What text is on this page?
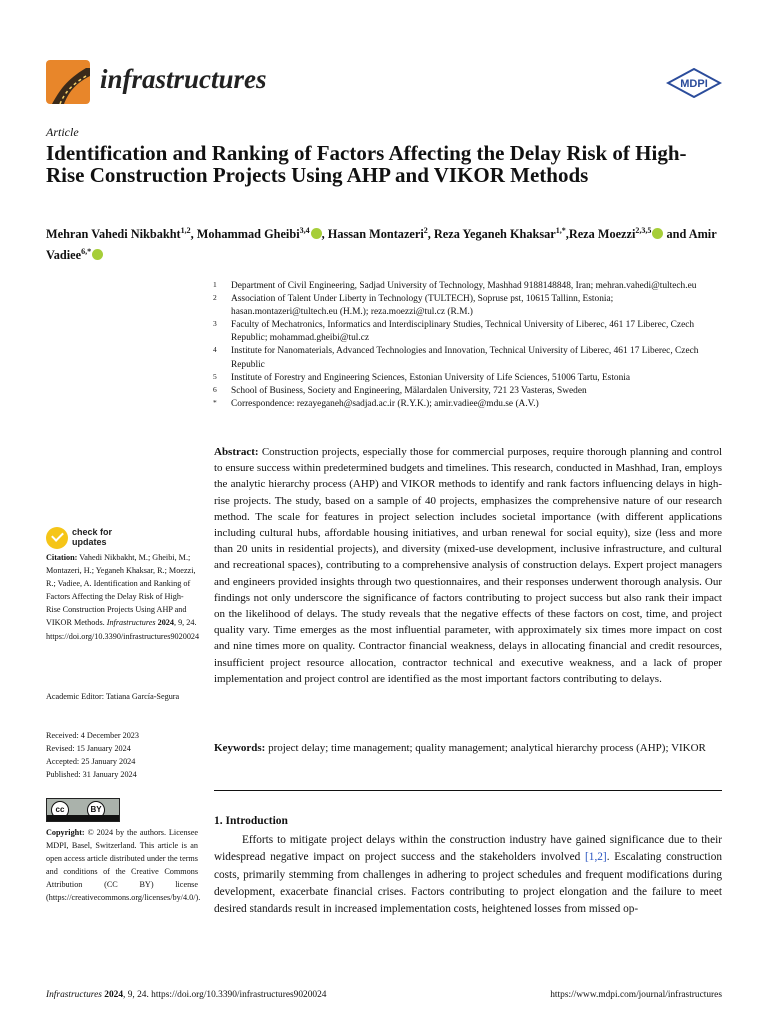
infrastructures	MDPI
Article
Identification and Ranking of Factors Affecting the Delay Risk of High-Rise Construction Projects Using AHP and VIKOR Methods
Mehran Vahedi Nikbakht$^{1,2}$, Mohammad Gheibi$^{3,4}$ , Hassan Montazeri$^2$, Reza Yeganeh Khaksar$^{1,*}$,Reza Moezzi$^{2,3,5}$ and Amir Vadiee$^{6,*}$
1 Department of Civil Engineering, Sadjad University of Technology, Mashhad 9188148848, Iran; mehran.vahedi@tultech.eu
2 Association of Talent Under Liberty in Technology (TULTECH), Sopruse pst, 10615 Tallinn, Estonia; hasan.montazeri@tultech.eu (H.M.); reza.moezzi@tul.cz (R.M.)
3 Faculty of Mechatronics, Informatics and Interdisciplinary Studies, Technical University of Liberec, 461 17 Liberec, Czech Republic; mohammad.gheibi@tul.cz
4 Institute for Nanomaterials, Advanced Technologies and Innovation, Technical University of Liberec, 461 17 Liberec, Czech Republic
5 Institute of Forestry and Engineering Sciences, Estonian University of Life Sciences, 51006 Tartu, Estonia
6 School of Business, Society and Engineering, Mälardalen University, 721 23 Vasteras, Sweden
* Correspondence: rezayeganeh@sadjad.ac.ir (R.Y.K.); amir.vadiee@mdu.se (A.V.)
Abstract: Construction projects, especially those for commercial purposes, require thorough planning and control to ensure success within predetermined budgets and timelines. This research, conducted in Mashhad, Iran, employs the analytic hierarchy process (AHP) and VIKOR methods to identify and rank factors influencing delays in high-rise projects. The study, based on a sample of 40 projects, emphasizes the comprehensive nature of our research method. The scale for features in project selection includes societal importance (with different applications including cultural hubs, affordable housing initiatives, and urban renewal for social equity), size (less and more than 20 units in residential projects), and diversity (mixed-use development, inclusive infrastructure, and cultural and recreational spaces), contributing to a comprehensive analysis of construction delays. Expert project managers and engineers provided insights through two questionnaires, and their responses underwent thorough analysis. Our findings not only underscore the significance of factors contributing to project success but also rank their impact on the likelihood of delays. The study reveals that the negative effects of these factors on cost, time, and project quality vary. Time emerges as the most influential parameter, with approximately six times more impact on cost and nine times more on quality. Contractor financial weakness, delays in allocating financial and credit resources, insufficient project resource allocation, contractor technical and executive weakness, and a lack of proper implementation and project control are identified as the most important factors contributing to delays.
Keywords: project delay; time management; quality management; analytical hierarchy process (AHP); VIKOR
1. Introduction
Efforts to mitigate project delays within the construction industry have gained significance due to their widespread negative impact on project success and the stakeholders involved [1,2]. Escalating construction costs, primarily stemming from challenges in adhering to project schedules and frequent modifications during development, exacerbate financial crises. Factors contributing to project elongation and the failure to meet desired standards result in increased implementation costs, heightened losses from missed op-
check for
updates
Citation: Vahedi Nikbakht, M.; Gheibi, M.; Montazeri, H.; Yeganeh Khaksar, R.; Moezzi, R.; Vadiee, A. Identification and Ranking of Factors Affecting the Delay Risk of High-Rise Construction Projects Using AHP and VIKOR Methods. Infrastructures 2024, 9, 24. https://doi.org/10.3390/infrastructures9020024
Academic Editor: Tatiana García-Segura
Received: 4 December 2023
Revised: 15 January 2024
Accepted: 25 January 2024
Published: 31 January 2024
cc	BY
Copyright: © 2024 by the authors. Licensee MDPI, Basel, Switzerland. This article is an open access article distributed under the terms and conditions of the Creative Commons Attribution (CC BY) license (https://creativecommons.org/licenses/by/4.0/).
Infrastructures 2024, 9, 24. https://doi.org/10.3390/infrastructures9020024	https://www.mdpi.com/journal/infrastructures
